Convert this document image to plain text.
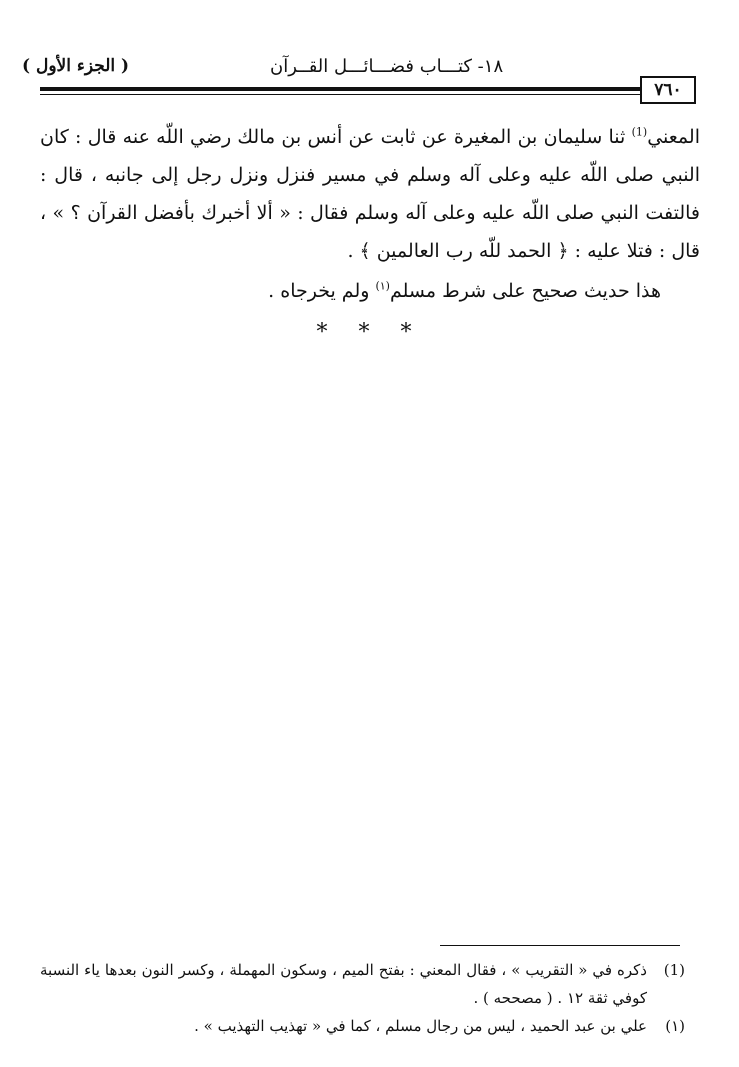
( الجزء الأول )	١٨- كتـــاب فضـــائـــل القــرآن
٧٦٠

المعني$^{(1)}$ ثنا سليمان بن المغيرة عن ثابت عن أنس بن مالك رضي اللّه عنه قال : كان النبي صلى اللّه عليه وعلى آله وسلم في مسير فنزل ونزل رجل إلى جانبه ، قال : فالتفت النبي صلى اللّه عليه وعلى آله وسلم فقال : « ألا أخبرك بأفضل القرآن ؟ » ، قال : فتلا عليه : ﴿ الحمد للّه رب العالمين ﴾ .

هذا حديث صحيح على شرط مسلم$^{(١)}$ ولم يخرجاه .
* * *
(1)
ذكره في « التقريب » ، فقال المعني : بفتح الميم ، وسكون المهملة ، وكسر النون بعدها ياء النسبة كوفي ثقة ١٢ . ( مصححه ) .
(١)
علي بن عبد الحميد ، ليس من رجال مسلم ، كما في « تهذيب التهذيب » .
